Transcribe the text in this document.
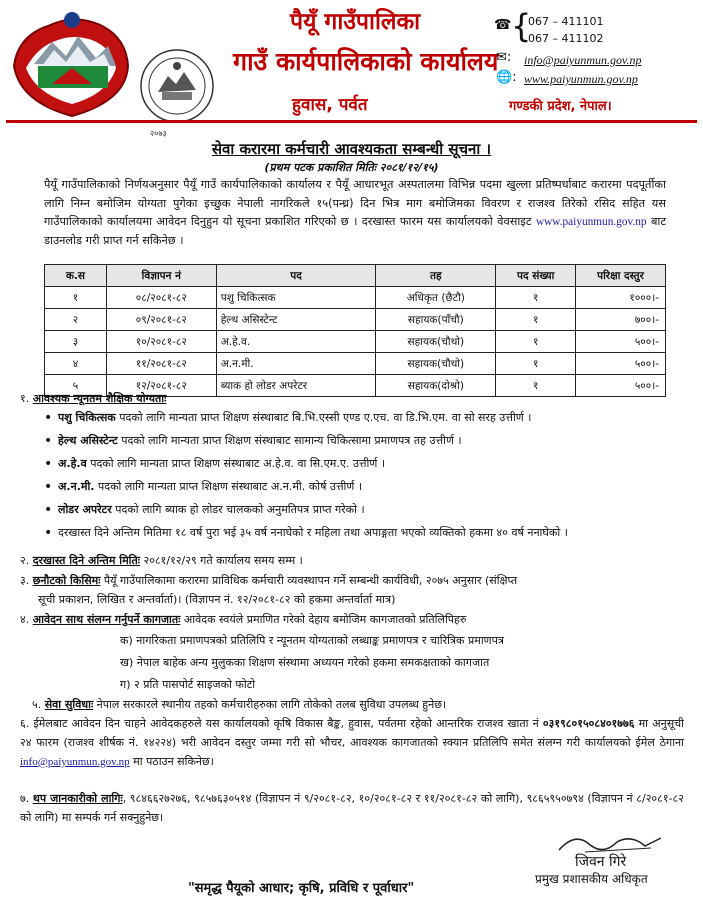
२०७३
पैयूँ गाउँपालिका
गाउँ कार्यपालिकाको कार्यालय
हुवास, पर्वत	गण्डकी प्रदेश, नेपाल।
☎ {
067 – 411101
067 – 411102
✉: info@paiyunmun.gov.np
🌐: www.paiyunmun.gov.np
सेवा करारमा कर्मचारी आवश्यकता सम्बन्धी सूचना ।
(प्रथम पटक प्रकाशित मितिः २०८१/१२/१५)
पैयूँ गाउँपालिकाको निर्णयअनुसार पैयूँ गाउँ कार्यपालिकाको कार्यालय र पैयूँ आधारभूत अस्पतालमा विभिन्न पदमा खुल्ला प्रतिष्पर्धाबाट करारमा पदपूर्तीका लागि निम्न बमोजिम योग्यता पुगेका इच्छुक नेपाली नागरिकले १५(पन्ध्र) दिन भित्र माग बमोजिमका विवरण र राजश्व तिरेको रसिद सहित यस गाउँपालिकाको कार्यालयमा आवेदन दिनुहुन यो सूचना प्रकाशित गरिएको छ । दरखास्त फारम यस कार्यालयको वेवसाइट www.paiyunmun.gov.np बाट डाउनलोड गरी प्राप्त गर्न सकिनेछ ।
क.स	विज्ञापन नं	पद	तह	पद संख्या	परिक्षा दस्तुर
१	०८/२०८१-८२	पशु चिकित्सक	अधिकृत (छैटौ)	१	१०००।-
२	०९/२०८१-८२	हेल्थ असिस्टेन्ट	सहायक(पाँचौ)	१	७००।-
३	१०/२०८१-८२	अ.हे.व.	सहायक(चौथो)	१	५००।-
४	११/२०८१-८२	अ.न.मी.	सहायक(चौथो)	१	५००।-
५	१२/२०८१-८२	ब्याक हो लोडर अपरेटर	सहायक(दोश्रो)	१	५००।-
१. आवश्यक न्यूनतम शैक्षिक योग्यताः
• पशु चिकित्सक पदको लागि मान्यता प्राप्त शिक्षण संस्थाबाट बि.भि.एस्सी एण्ड ए.एच. वा डि.भि.एम. वा सो सरह उत्तीर्ण ।
• हेल्थ असिस्टेन्ट पदको लागि मान्यता प्राप्त शिक्षण संस्थाबाट सामान्य चिकित्सामा प्रमाणपत्र तह उत्तीर्ण ।
• अ.हे.व पदको लागि मान्यता प्राप्त शिक्षण संस्थाबाट अ.हे.व. वा सि.एम.ए. उत्तीर्ण ।
• अ.न.मी. पदको लागि मान्यता प्राप्त शिक्षण संस्थाबाट अ.न.मी. कोर्ष उत्तीर्ण ।
• लोडर अपरेटर पदको लागि ब्याक हो लोडर चालकको अनुमतिपत्र प्राप्त गरेको ।
• दरखास्त दिने अन्तिम मितिमा १८ वर्ष पुरा भई ३५ वर्ष ननाघेको र महिला तथा अपाङ्गता भएको व्यक्तिको हकमा ४० वर्ष ननाघेको ।
२. दरखास्त दिने अन्तिम मितिः २०८१/१२/२९ गते कार्यालय समय सम्म ।
३. छनौटको किसिमः पैयूँ गाउँपालिकामा करारमा प्राविधिक कर्मचारी व्यवस्थापन गर्ने सम्बन्धी कार्यविधी, २०७५ अनुसार (संक्षिप्त
सूची प्रकाशन, लिखित र अन्तर्वार्ता)। (विज्ञापन नं. १२/२०८१-८२ को हकमा अन्तर्वार्ता मात्र)
४. आवेदन साथ संलग्न गर्नुपर्ने कागजातः आवेदक स्वयंले प्रमाणित गरेको देहाय बमोजिम कागजातको प्रतिलिपिहरु
क) नागरिकता प्रमाणपत्रको प्रतिलिपि र न्यूनतम योग्यताको लब्धाङ्क प्रमाणपत्र र चारित्रिक प्रमाणपत्र
ख) नेपाल बाहेक अन्य मुलुकका शिक्षण संस्थामा अध्ययन गरेको हकमा समकक्षताको कागजात
ग) २ प्रति पासपोर्ट साइजको फोटो
५. सेवा सुविधाः नेपाल सरकारले स्थानीय तहको कर्मचारीहरुका लागि तोकेको तलब सुविधा उपलब्ध हुनेछ।
६. ईमेलबाट आवेदन दिन चाहने आवेदकहरुले यस कार्यालयको कृषि विकास बैङ्क, हुवास, पर्वतमा रहेको आन्तरिक राजश्व खाता नं ०३१९८०१५०८४०१७७६ मा अनुसूची २४ फारम (राजश्व शीर्षक नं. १४२२४) भरी आवेदन दस्तुर जम्मा गरी सो भौचर, आवश्यक कागजातको स्क्यान प्रतिलिपि समेत संलग्न गरी कार्यालयको ईमेल ठेगाना info@paiyunmun.gov.np मा पठाउन सकिनेछ।
७. थप जानकारीको लागिः, ९८४६६२७२७६, ९८५७६३०५१४ (विज्ञापन नं ९/२०८१-८२, १०/२०८१-८२ र ११/२०८१-८२ को लागि), ९८६५९५०७९४ (विज्ञापन नं ८/२०८१-८२ को लागि) मा सम्पर्क गर्न सक्नुहुनेछ।
जिवन गिरे
प्रमुख प्रशासकीय अधिकृत
"समृद्ध पैयूको आधार; कृषि, प्रविधि र पूर्वाधार"
